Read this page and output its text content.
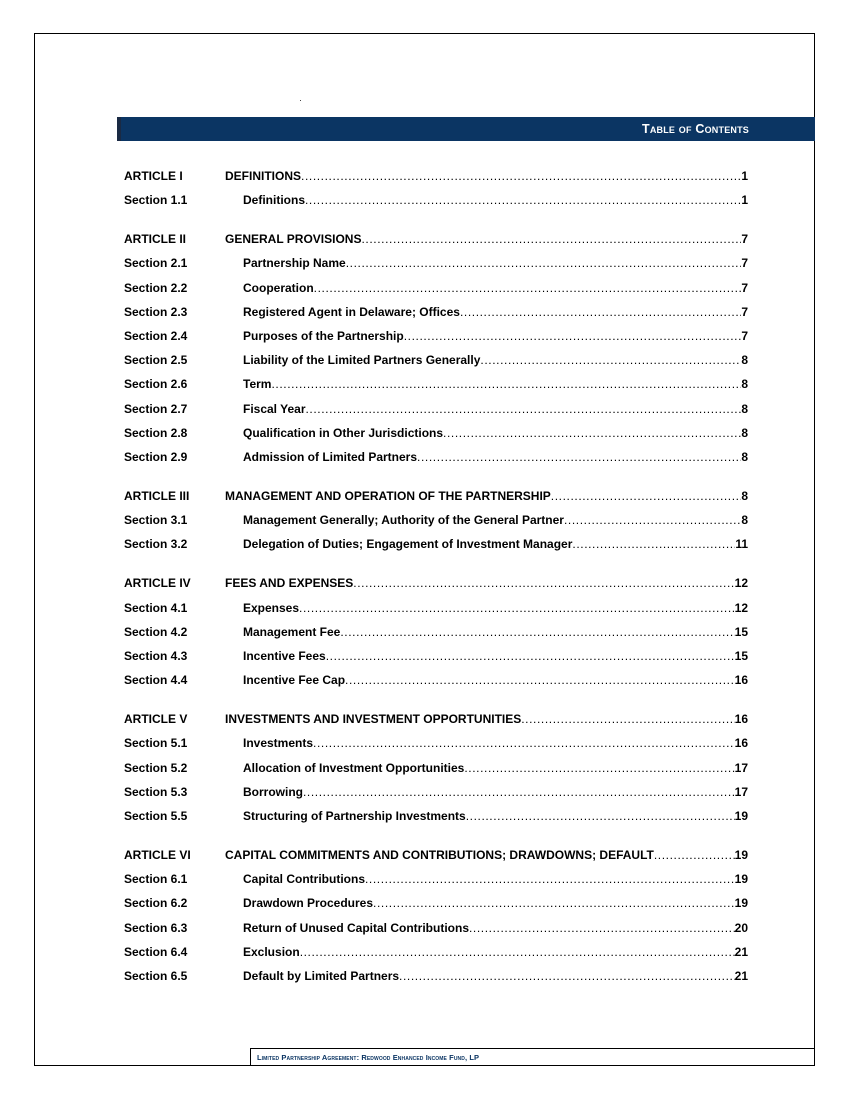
Table of Contents
ARTICLE I	DEFINITIONS .....	1
Section 1.1	Definitions .....	1
ARTICLE II	GENERAL PROVISIONS .....	7
Section 2.1	Partnership Name .....	7
Section 2.2	Cooperation .....	7
Section 2.3	Registered Agent in Delaware; Offices .....	7
Section 2.4	Purposes of the Partnership .....	7
Section 2.5	Liability of the Limited Partners Generally .....	8
Section 2.6	Term .....	8
Section 2.7	Fiscal Year .....	8
Section 2.8	Qualification in Other Jurisdictions .....	8
Section 2.9	Admission of Limited Partners .....	8
ARTICLE III	MANAGEMENT AND OPERATION OF THE PARTNERSHIP .....	8
Section 3.1	Management Generally; Authority of the General Partner .....	8
Section 3.2	Delegation of Duties; Engagement of Investment Manager .....	11
ARTICLE IV	FEES AND EXPENSES .....	12
Section 4.1	Expenses .....	12
Section 4.2	Management Fee .....	15
Section 4.3	Incentive Fees .....	15
Section 4.4	Incentive Fee Cap .....	16
ARTICLE V	INVESTMENTS AND INVESTMENT OPPORTUNITIES .....	16
Section 5.1	Investments .....	16
Section 5.2	Allocation of Investment Opportunities .....	17
Section 5.3	Borrowing .....	17
Section 5.5	Structuring of Partnership Investments .....	19
ARTICLE VI	CAPITAL COMMITMENTS AND CONTRIBUTIONS; DRAWDOWNS; DEFAULT .....	19
Section 6.1	Capital Contributions .....	19
Section 6.2	Drawdown Procedures .....	19
Section 6.3	Return of Unused Capital Contributions .....	20
Section 6.4	Exclusion .....	21
Section 6.5	Default by Limited Partners .....	21
Limited Partnership Agreement: Redwood Enhanced Income Fund, LP
